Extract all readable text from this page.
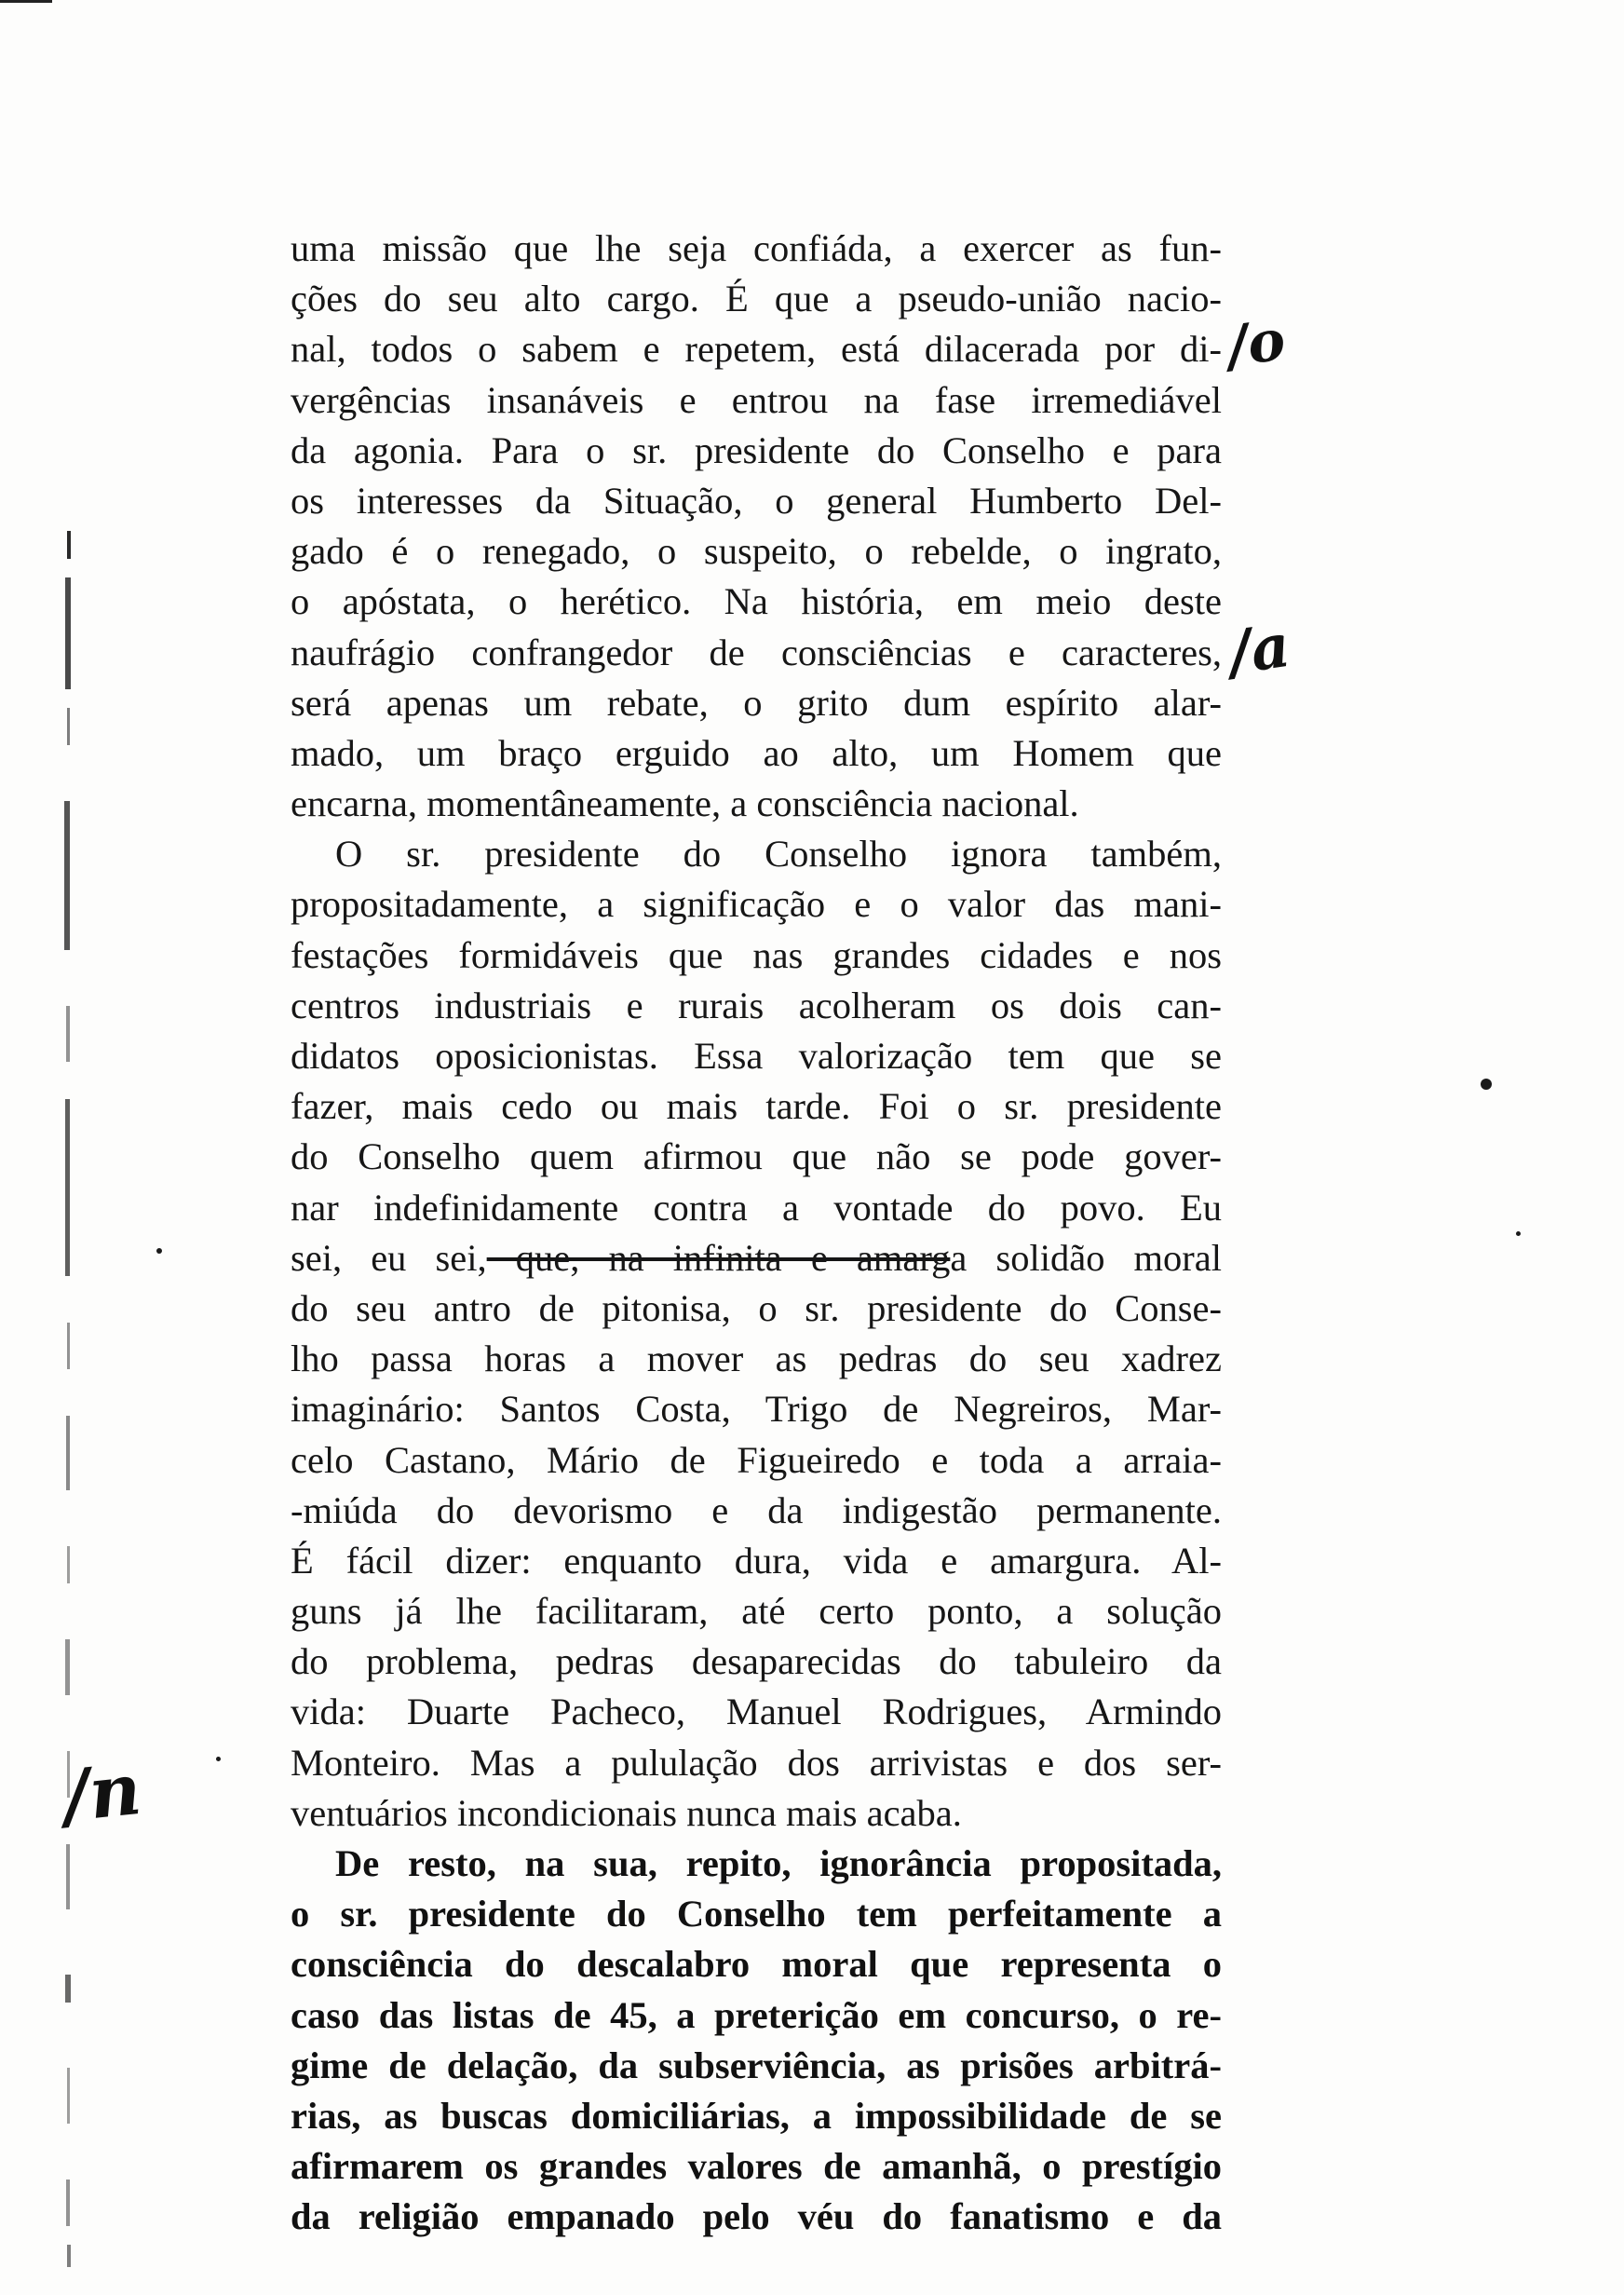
uma missão que lhe seja confiáda, a exercer as fun-
ções do seu alto cargo. É que a pseudo-união nacio-
nal, todos o sabem e repetem, está dilacerada por di-
vergências insanáveis e entrou na fase irremediável
da agonia. Para o sr. presidente do Conselho e para
os interesses da Situação, o general Humberto Del-
gado é o renegado, o suspeito, o rebelde, o ingrato,
o apóstata, o herético. Na história, em meio deste
naufrágio confrangedor de consciências e caracteres,
será apenas um rebate, o grito dum espírito alar-
mado, um braço erguido ao alto, um Homem que
encarna, momentâneamente, a consciência nacional.
O sr. presidente do Conselho ignora também,
propositadamente, a significação e o valor das mani-
festações formidáveis que nas grandes cidades e nos
centros industriais e rurais acolheram os dois can-
didatos oposicionistas. Essa valorização tem que se
fazer, mais cedo ou mais tarde. Foi o sr. presidente
do Conselho quem afirmou que não se pode gover-
nar indefinidamente contra a vontade do povo. Eu
sei, eu sei, que, na infinita e amarga solidão moral
do seu antro de pitonisa, o sr. presidente do Conse-
lho passa horas a mover as pedras do seu xadrez
imaginário: Santos Costa, Trigo de Negreiros, Mar-
celo Castano, Mário de Figueiredo e toda a arraia-
-miúda do devorismo e da indigestão permanente.
É fácil dizer: enquanto dura, vida e amargura. Al-
guns já lhe facilitaram, até certo ponto, a solução
do problema, pedras desaparecidas do tabuleiro da
vida: Duarte Pacheco, Manuel Rodrigues, Armindo
Monteiro. Mas a pululação dos arrivistas e dos ser-
ventuários incondicionais nunca mais acaba.
De resto, na sua, repito, ignorância propositada,
o sr. presidente do Conselho tem perfeitamente a
consciência do descalabro moral que representa o
caso das listas de 45, a preterição em concurso, o re-
gime de delação, da subserviência, as prisões arbitrá-
rias, as buscas domiciliárias, a impossibilidade de se
afirmarem os grandes valores de amanhã, o prestígio
da religião empanado pelo véu do fanatismo e da
/o
/a
/n
